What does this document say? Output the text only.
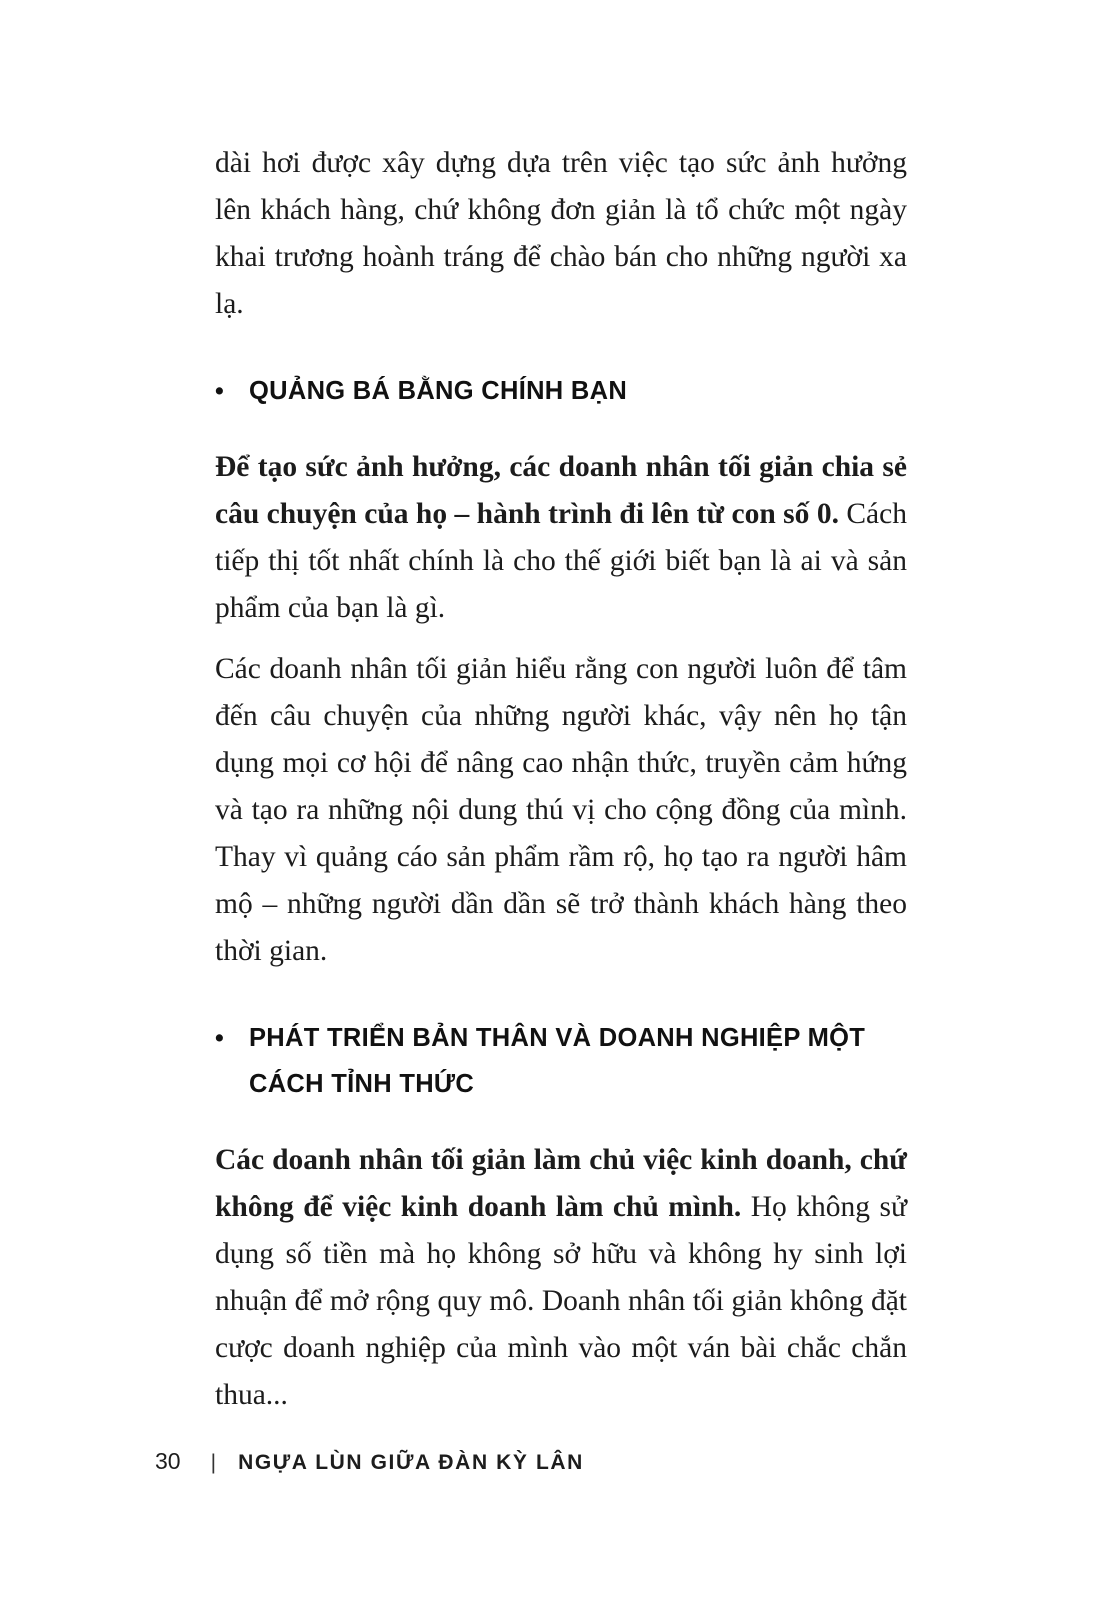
dài hơi được xây dựng dựa trên việc tạo sức ảnh hưởng lên khách hàng, chứ không đơn giản là tổ chức một ngày khai trương hoành tráng để chào bán cho những người xa lạ.

• QUẢNG BÁ BẰNG CHÍNH BẠN

Để tạo sức ảnh hưởng, các doanh nhân tối giản chia sẻ câu chuyện của họ – hành trình đi lên từ con số 0. Cách tiếp thị tốt nhất chính là cho thế giới biết bạn là ai và sản phẩm của bạn là gì.

Các doanh nhân tối giản hiểu rằng con người luôn để tâm đến câu chuyện của những người khác, vậy nên họ tận dụng mọi cơ hội để nâng cao nhận thức, truyền cảm hứng và tạo ra những nội dung thú vị cho cộng đồng của mình. Thay vì quảng cáo sản phẩm rầm rộ, họ tạo ra người hâm mộ – những người dần dần sẽ trở thành khách hàng theo thời gian.

• PHÁT TRIỂN BẢN THÂN VÀ DOANH NGHIỆP MỘT CÁCH TỈNH THỨC

Các doanh nhân tối giản làm chủ việc kinh doanh, chứ không để việc kinh doanh làm chủ mình. Họ không sử dụng số tiền mà họ không sở hữu và không hy sinh lợi nhuận để mở rộng quy mô. Doanh nhân tối giản không đặt cược doanh nghiệp của mình vào một ván bài chắc chắn thua...

30 | NGỰA LÙN GIỮA ĐÀN KỲ LÂN
